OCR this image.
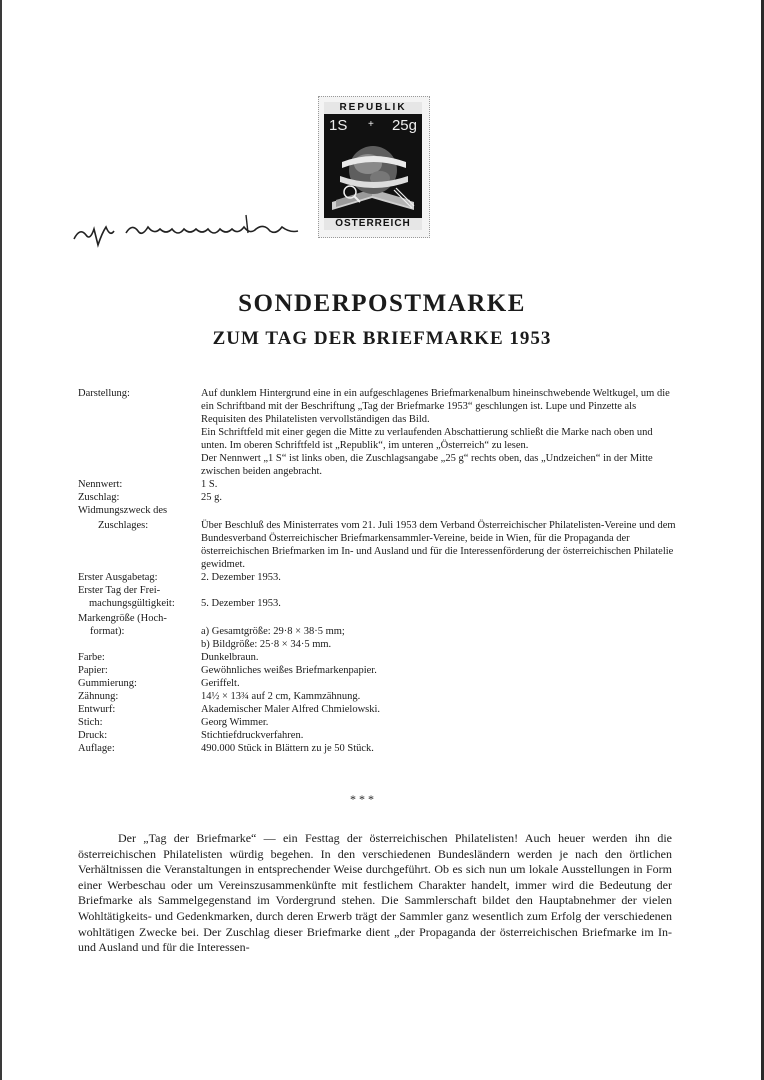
REPUBLIK
1S + 25g
ÖSTERREICH
SONDERPOSTMARKE
ZUM TAG DER BRIEFMARKE 1953
Darstellung:	Auf dunklem Hintergrund eine in ein aufgeschlagenes Briefmarkenalbum hineinschwebende Weltkugel, um die ein Schriftband mit der Beschriftung „Tag der Briefmarke 1953“ geschlungen ist. Lupe und Pinzette als Requisiten des Philatelisten vervollständigen das Bild.
Ein Schriftfeld mit einer gegen die Mitte zu verlaufenden Abschattierung schließt die Marke nach oben und unten. Im oberen Schriftfeld ist „Republik“, im unteren „Österreich“ zu lesen.
Der Nennwert „1 S“ ist links oben, die Zuschlagsangabe „25 g“ rechts oben, das „Undzeichen“ in der Mitte zwischen beiden angebracht.
Nennwert:	1 S.
Zuschlag:	25 g.
Widmungszweck des

Zuschlages:	Über Beschluß des Ministerrates vom 21. Juli 1953 dem Verband Österreichischer Philatelisten-Vereine und dem Bundesverband Österreichischer Briefmarkensammler-Vereine, beide in Wien, für die Propaganda der österreichischen Briefmarken im In- und Ausland und für die Interessenförderung der österreichischen Philatelie gewidmet.
Erster Ausgabetag:	2. Dezember 1953.
Erster Tag der Frei-

machungsgültigkeit:	5. Dezember 1953.
Markengröße (Hoch-

format):	a) Gesamtgröße: 29·8 × 38·5 mm;
b) Bildgröße: 25·8 × 34·5 mm.
Farbe:	Dunkelbraun.
Papier:	Gewöhnliches weißes Briefmarkenpapier.
Gummierung:	Geriffelt.
Zähnung:	14½ × 13¾ auf 2 cm, Kammzähnung.
Entwurf:	Akademischer Maler Alfred Chmielowski.
Stich:	Georg Wimmer.
Druck:	Stichtiefdruckverfahren.
Auflage:	490.000 Stück in Blättern zu je 50 Stück.
* * *
Der „Tag der Briefmarke“ — ein Festtag der österreichischen Philatelisten! Auch heuer werden ihn die österreichischen Philatelisten würdig begehen. In den verschiedenen Bundesländern werden je nach den örtlichen Verhältnissen die Veranstaltungen in entsprechender Weise durchgeführt. Ob es sich nun um lokale Ausstellungen in Form einer Werbeschau oder um Vereinszusammenkünfte mit festlichem Charakter handelt, immer wird die Bedeutung der Briefmarke als Sammelgegenstand im Vordergrund stehen. Die Sammlerschaft bildet den Hauptabnehmer der vielen Wohltätigkeits- und Gedenkmarken, durch deren Erwerb trägt der Sammler ganz wesentlich zum Erfolg der verschiedenen wohltätigen Zwecke bei. Der Zuschlag dieser Briefmarke dient „der Propaganda der österreichischen Briefmarke im In- und Ausland und für die Interessen-
